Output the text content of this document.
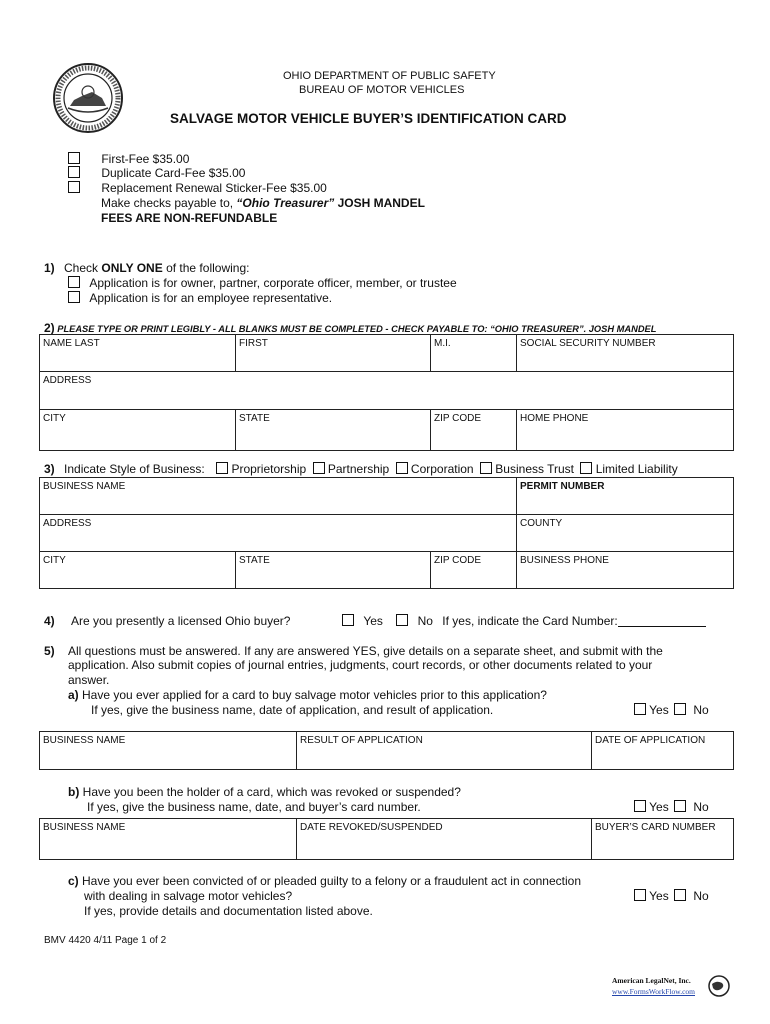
OHIO DEPARTMENT OF PUBLIC SAFETY
BUREAU OF MOTOR VEHICLES
SALVAGE MOTOR VEHICLE BUYER’S IDENTIFICATION CARD
First-Fee $35.00
Duplicate Card-Fee $35.00
Replacement Renewal Sticker-Fee $35.00
Make checks payable to, “Ohio Treasurer” JOSH MANDEL
FEES ARE NON-REFUNDABLE
1) Check ONLY ONE of the following:
Application is for owner, partner, corporate officer, member, or trustee
Application is for an employee representative.
2) PLEASE TYPE OR PRINT LEGIBLY - ALL BLANKS MUST BE COMPLETED - CHECK PAYABLE TO: “OHIO TREASURER”. JOSH MANDEL
NAME LAST	FIRST	M.I.	SOCIAL SECURITY NUMBER
ADDRESS
CITY	STATE	ZIP CODE	HOME PHONE
3) Indicate Style of Business: Proprietorship Partnership Corporation Business Trust Limited Liability
BUSINESS NAME	PERMIT NUMBER
ADDRESS	COUNTY
CITY	STATE	ZIP CODE	BUSINESS PHONE
4) Are you presently a licensed Ohio buyer?	Yes	No If yes, indicate the Card Number:
5) All questions must be answered. If any are answered YES, give details on a separate sheet, and submit with the
application. Also submit copies of journal entries, judgments, court records, or other documents related to your
answer.
a) Have you ever applied for a card to buy salvage motor vehicles prior to this application?
If yes, give the business name, date of application, and result of application.	Yes No
BUSINESS NAME	RESULT OF APPLICATION	DATE OF APPLICATION
b) Have you been the holder of a card, which was revoked or suspended?
If yes, give the business name, date, and buyer’s card number.	Yes No
BUSINESS NAME	DATE REVOKED/SUSPENDED	BUYER’S CARD NUMBER
c) Have you ever been convicted of or pleaded guilty to a felony or a fraudulent act in connection
with dealing in salvage motor vehicles?
If yes, provide details and documentation listed above.
Yes No
BMV 4420 4/11 Page 1 of 2
American LegalNet, Inc.
www.FormsWorkFlow.com
